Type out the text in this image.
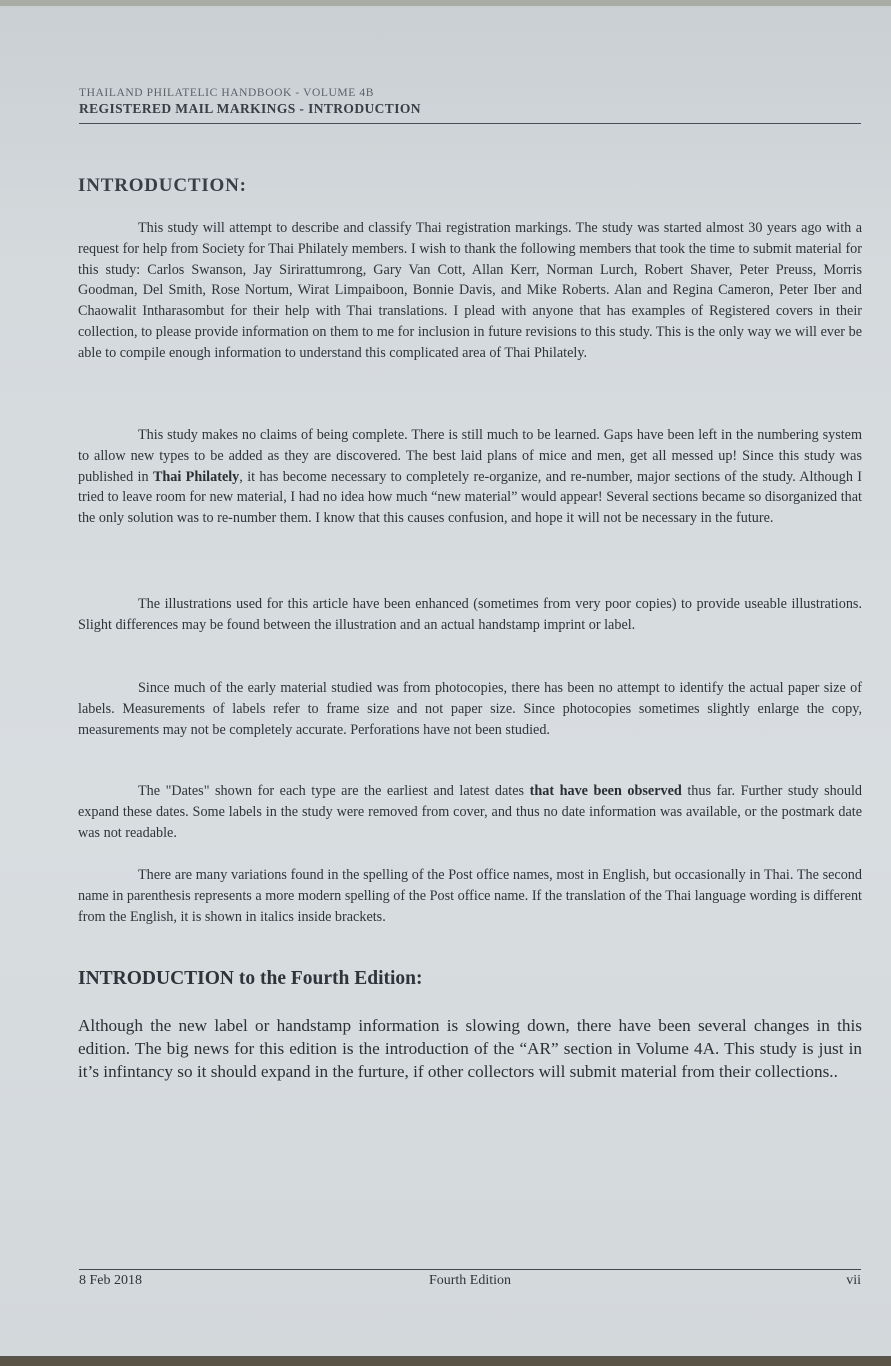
THAILAND PHILATELIC HANDBOOK - VOLUME 4B
REGISTERED MAIL MARKINGS - INTRODUCTION
INTRODUCTION:

This study will attempt to describe and classify Thai registration markings. The study was started almost 30 years ago with a request for help from Society for Thai Philately members. I wish to thank the following members that took the time to submit material for this study: Carlos Swanson, Jay Sirirattumrong, Gary Van Cott, Allan Kerr, Norman Lurch, Robert Shaver, Peter Preuss, Morris Goodman, Del Smith, Rose Nortum, Wirat Limpaiboon, Bonnie Davis, and Mike Roberts. Alan and Regina Cameron, Peter Iber and Chaowalit Intharasombut for their help with Thai translations. I plead with anyone that has examples of Registered covers in their collection, to please provide information on them to me for inclusion in future revisions to this study. This is the only way we will ever be able to compile enough information to understand this complicated area of Thai Philately.

This study makes no claims of being complete. There is still much to be learned. Gaps have been left in the numbering system to allow new types to be added as they are discovered. The best laid plans of mice and men, get all messed up! Since this study was published in Thai Philately, it has become necessary to completely re-organize, and re-number, major sections of the study. Although I tried to leave room for new material, I had no idea how much “new material” would appear! Several sections became so disorganized that the only solution was to re-number them. I know that this causes confusion, and hope it will not be necessary in the future.

The illustrations used for this article have been enhanced (sometimes from very poor copies) to provide useable illustrations. Slight differences may be found between the illustration and an actual handstamp imprint or label.

Since much of the early material studied was from photocopies, there has been no attempt to identify the actual paper size of labels. Measurements of labels refer to frame size and not paper size. Since photocopies sometimes slightly enlarge the copy, measurements may not be completely accurate. Perforations have not been studied.

The "Dates" shown for each type are the earliest and latest dates that have been observed thus far. Further study should expand these dates. Some labels in the study were removed from cover, and thus no date information was available, or the postmark date was not readable.

There are many variations found in the spelling of the Post office names, most in English, but occasionally in Thai. The second name in parenthesis represents a more modern spelling of the Post office name. If the translation of the Thai language wording is different from the English, it is shown in italics inside brackets.

INTRODUCTION to the Fourth Edition:

Although the new label or handstamp information is slowing down, there have been several changes in this edition. The big news for this edition is the introduction of the “AR” section in Volume 4A. This study is just in it’s infintancy so it should expand in the furture, if other collectors will submit material from their collections..

8 Feb 2018	Fourth Edition	vii
